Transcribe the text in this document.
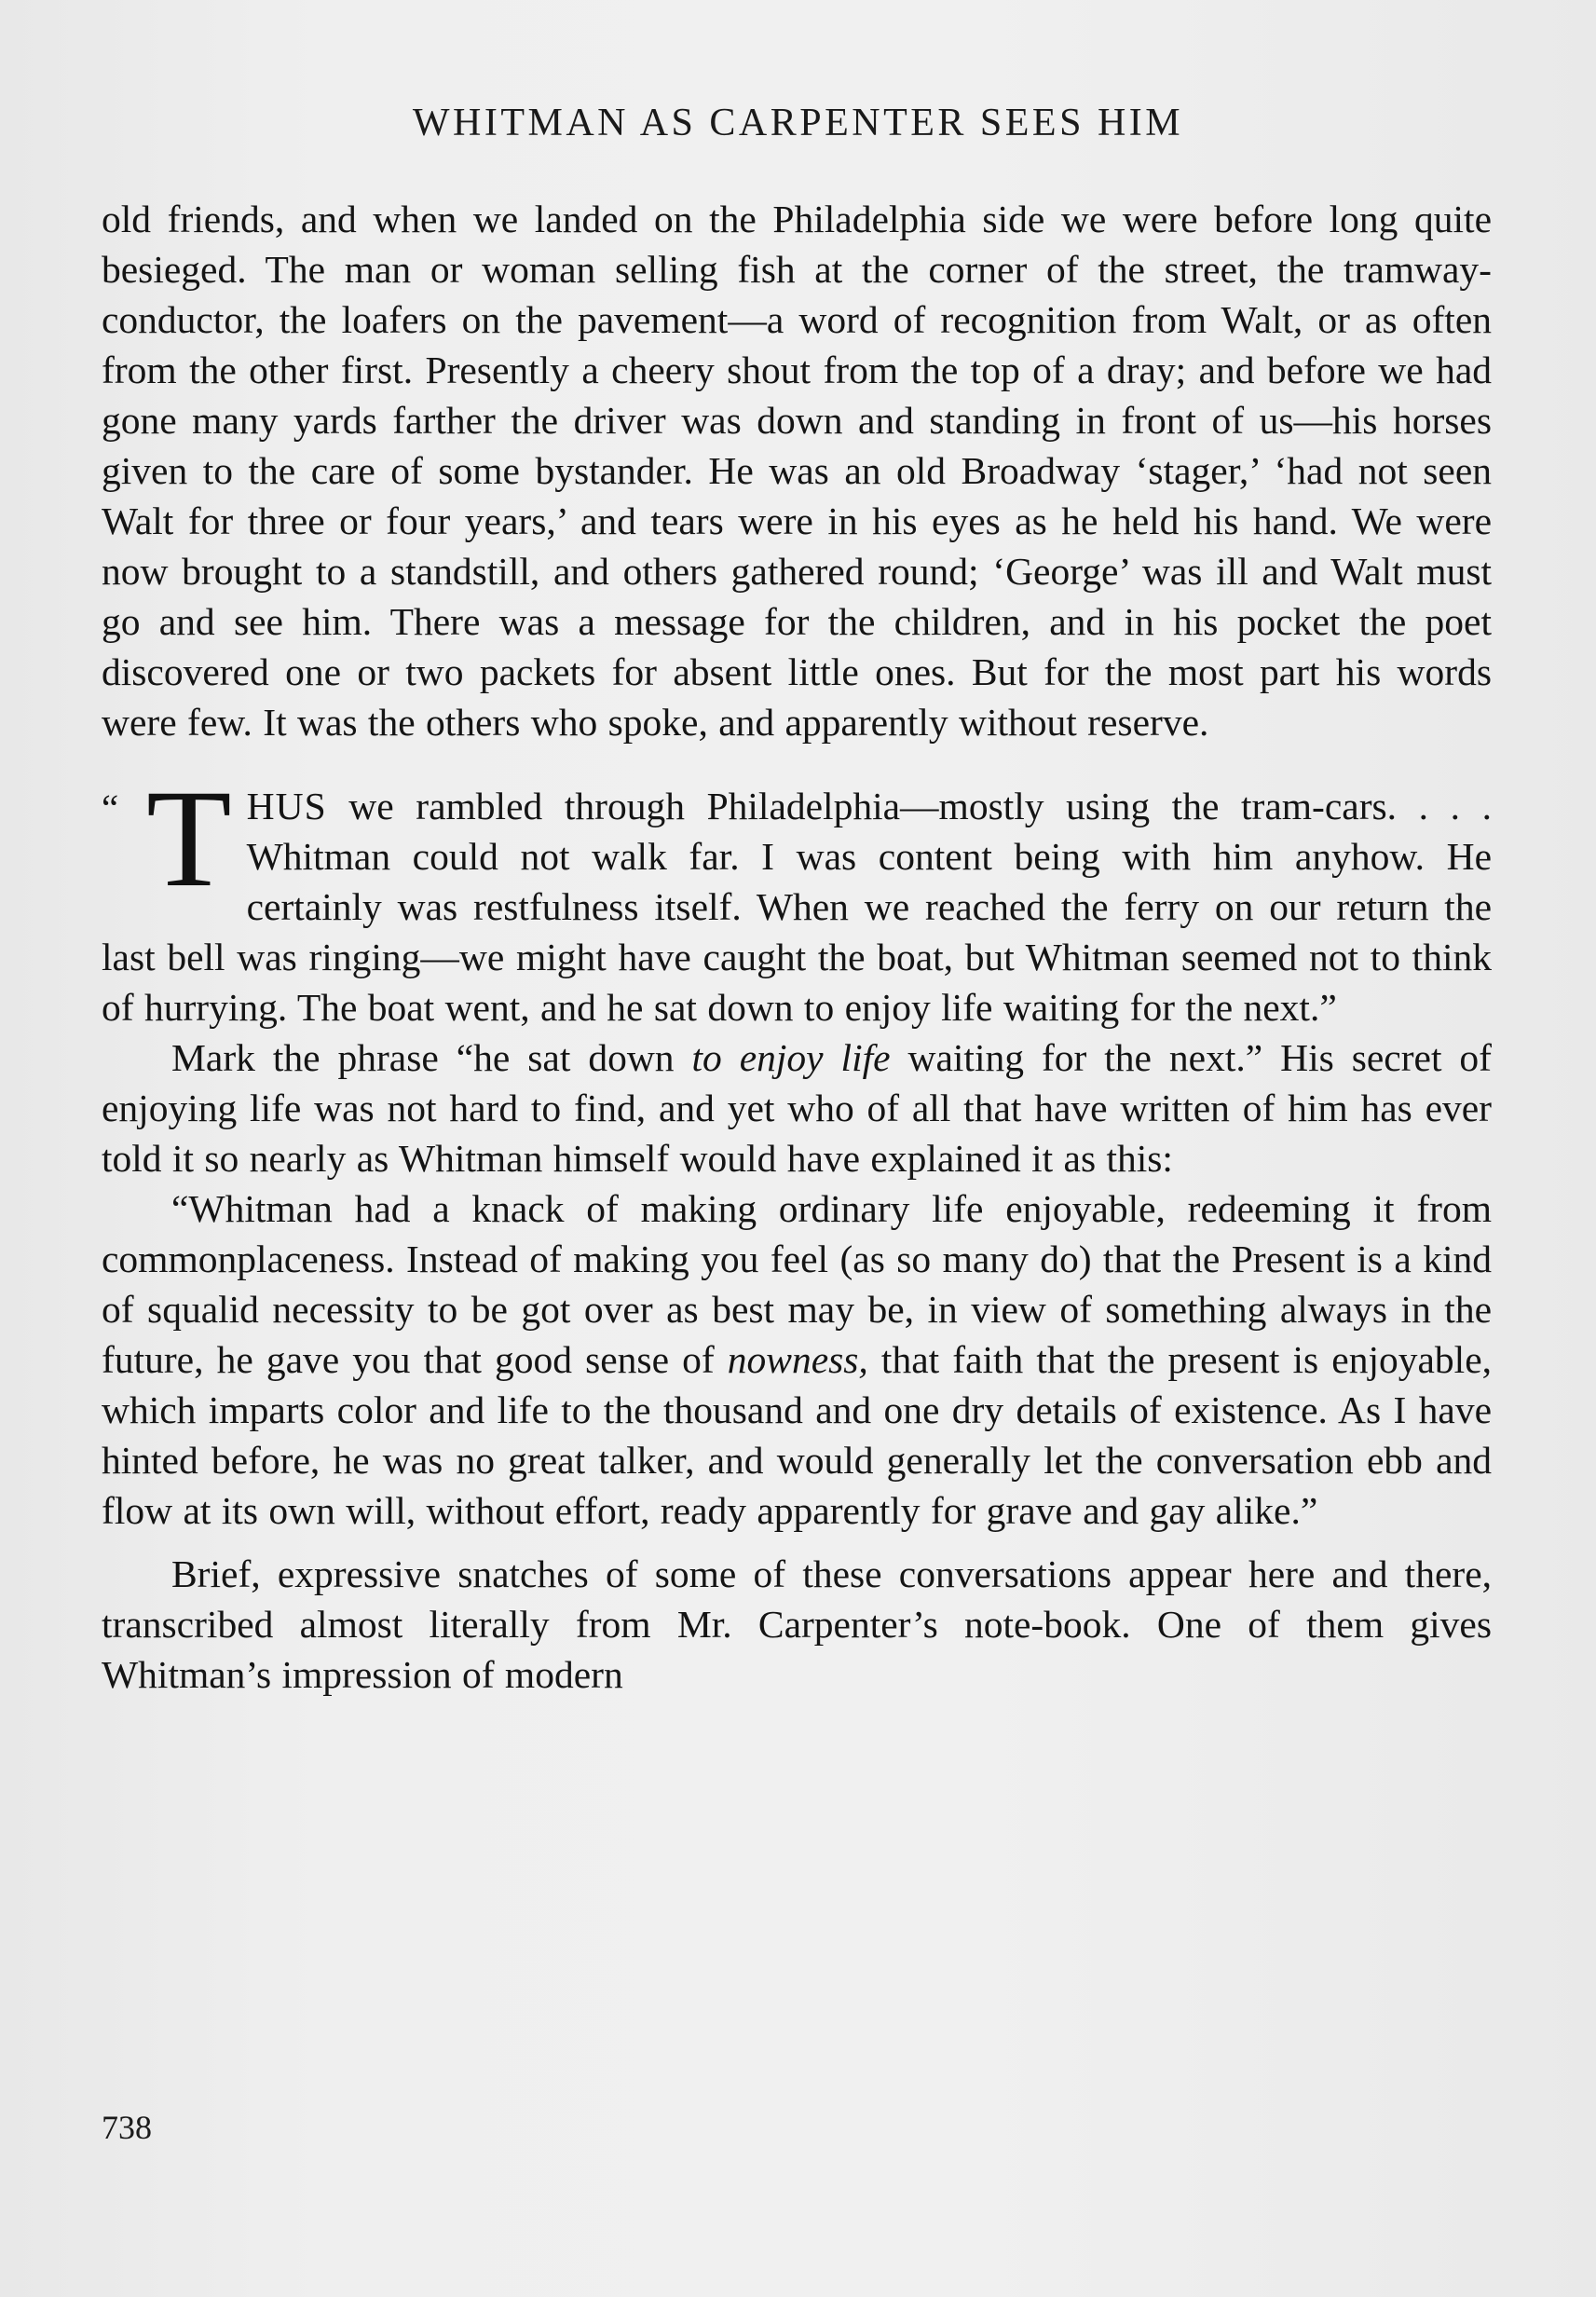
WHITMAN AS CARPENTER SEES HIM

old friends, and when we landed on the Philadelphia side we were before long quite besieged. The man or woman selling fish at the corner of the street, the tramway-conductor, the loafers on the pavement—a word of recognition from Walt, or as often from the other first. Presently a cheery shout from the top of a dray; and before we had gone many yards farther the driver was down and standing in front of us—his horses given to the care of some bystander. He was an old Broadway ‘stager,’ ‘had not seen Walt for three or four years,’ and tears were in his eyes as he held his hand. We were now brought to a standstill, and others gathered round; ‘George’ was ill and Walt must go and see him. There was a message for the children, and in his pocket the poet discovered one or two packets for absent little ones. But for the most part his words were few. It was the others who spoke, and apparently without reserve.

“ T HUS we rambled through Philadelphia—mostly using the tram-cars. . . . Whitman could not walk far. I was content being with him anyhow. He certainly was restfulness itself. When we reached the ferry on our return the last bell was ringing—we might have caught the boat, but Whitman seemed not to think of hurrying. The boat went, and he sat down to enjoy life waiting for the next.”

Mark the phrase “he sat down to enjoy life waiting for the next.” His secret of enjoying life was not hard to find, and yet who of all that have written of him has ever told it so nearly as Whitman himself would have explained it as this:

“Whitman had a knack of making ordinary life enjoyable, redeeming it from commonplaceness. Instead of making you feel (as so many do) that the Present is a kind of squalid necessity to be got over as best may be, in view of something always in the future, he gave you that good sense of nowness, that faith that the present is enjoyable, which imparts color and life to the thousand and one dry details of existence. As I have hinted before, he was no great talker, and would generally let the conversation ebb and flow at its own will, without effort, ready apparently for grave and gay alike.”

Brief, expressive snatches of some of these conversations appear here and there, transcribed almost literally from Mr. Carpenter’s note-book. One of them gives Whitman’s impression of modern

738
